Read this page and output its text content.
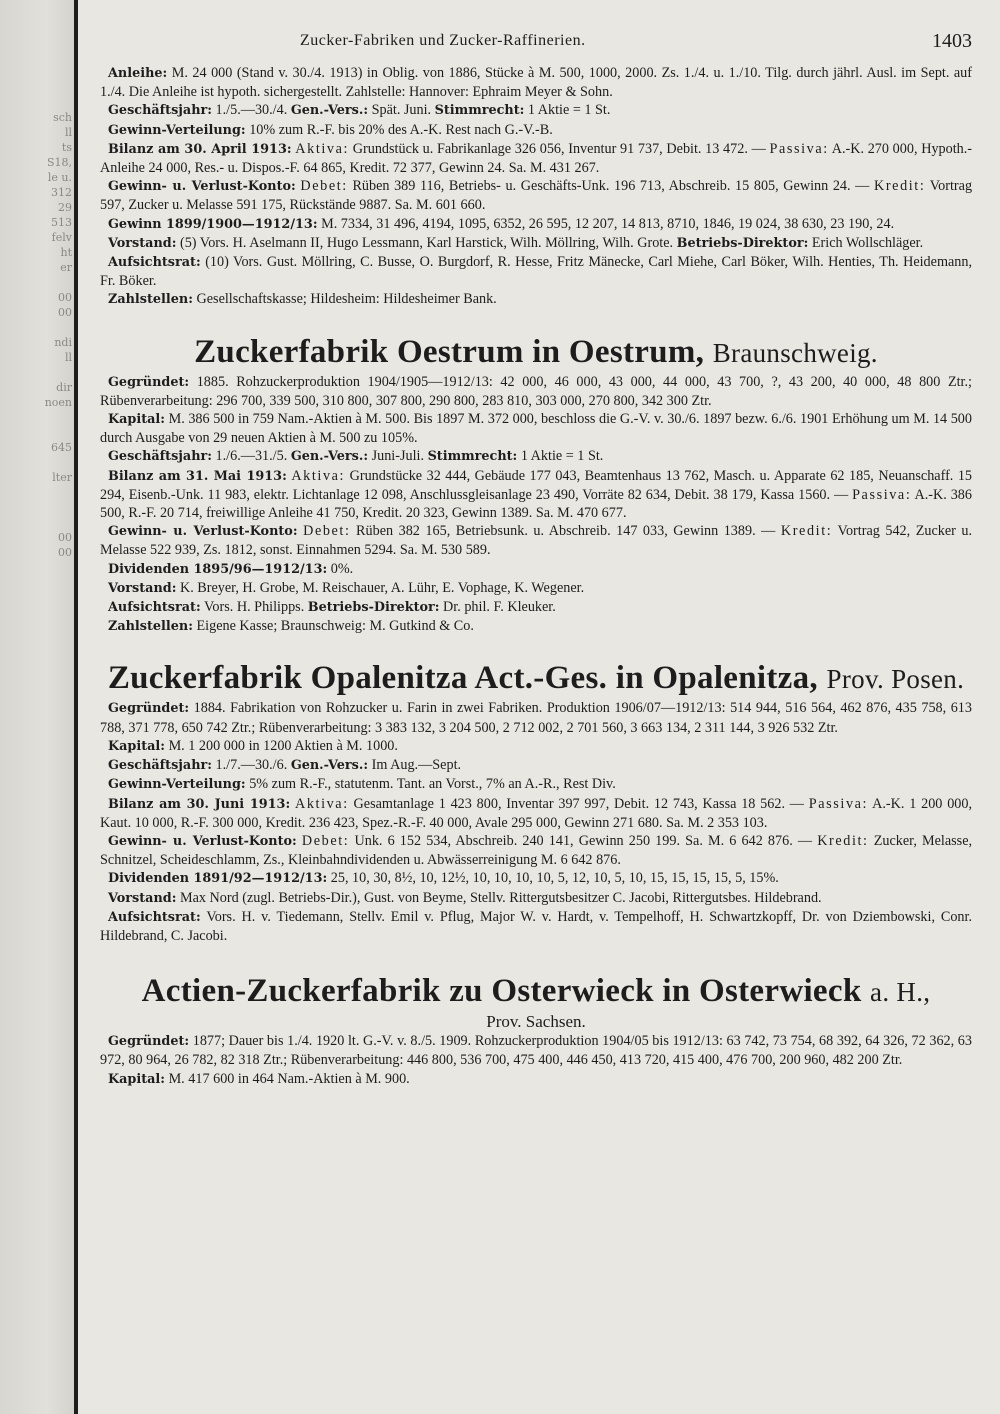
sch
ll
ts
S18,
le u.
312
29
513
felv
ht
er
00
00
ndi
ll
dir
noen
645
lter
00
00
Zucker-Fabriken und Zucker-Raffinerien.	1403

Anleihe: M. 24 000 (Stand v. 30./4. 1913) in Oblig. von 1886, Stücke à M. 500, 1000, 2000. Zs. 1./4. u. 1./10. Tilg. durch jährl. Ausl. im Sept. auf 1./4. Die Anleihe ist hypoth. sichergestellt. Zahlstelle: Hannover: Ephraim Meyer & Sohn.

Geschäftsjahr: 1./5.—30./4. Gen.-Vers.: Spät. Juni. Stimmrecht: 1 Aktie = 1 St.

Gewinn-Verteilung: 10% zum R.-F. bis 20% des A.-K. Rest nach G.-V.-B.

Bilanz am 30. April 1913: Aktiva: Grundstück u. Fabrikanlage 326 056, Inventur 91 737, Debit. 13 472. — Passiva: A.-K. 270 000, Hypoth.-Anleihe 24 000, Res.- u. Dispos.-F. 64 865, Kredit. 72 377, Gewinn 24. Sa. M. 431 267.

Gewinn- u. Verlust-Konto: Debet: Rüben 389 116, Betriebs- u. Geschäfts-Unk. 196 713, Abschreib. 15 805, Gewinn 24. — Kredit: Vortrag 597, Zucker u. Melasse 591 175, Rückstände 9887. Sa. M. 601 660.

Gewinn 1899/1900—1912/13: M. 7334, 31 496, 4194, 1095, 6352, 26 595, 12 207, 14 813, 8710, 1846, 19 024, 38 630, 23 190, 24.

Vorstand: (5) Vors. H. Aselmann II, Hugo Lessmann, Karl Harstick, Wilh. Möllring, Wilh. Grote. Betriebs-Direktor: Erich Wollschläger.

Aufsichtsrat: (10) Vors. Gust. Möllring, C. Busse, O. Burgdorf, R. Hesse, Fritz Mänecke, Carl Miehe, Carl Böker, Wilh. Henties, Th. Heidemann, Fr. Böker.

Zahlstellen: Gesellschaftskasse; Hildesheim: Hildesheimer Bank.

Zuckerfabrik Oestrum in Oestrum, Braunschweig.

Gegründet: 1885. Rohzuckerproduktion 1904/1905—1912/13: 42 000, 46 000, 43 000, 44 000, 43 700, ?, 43 200, 40 000, 48 800 Ztr.; Rübenverarbeitung: 296 700, 339 500, 310 800, 307 800, 290 800, 283 810, 303 000, 270 800, 342 300 Ztr.

Kapital: M. 386 500 in 759 Nam.-Aktien à M. 500. Bis 1897 M. 372 000, beschloss die G.-V. v. 30./6. 1897 bezw. 6./6. 1901 Erhöhung um M. 14 500 durch Ausgabe von 29 neuen Aktien à M. 500 zu 105%.

Geschäftsjahr: 1./6.—31./5. Gen.-Vers.: Juni-Juli. Stimmrecht: 1 Aktie = 1 St.

Bilanz am 31. Mai 1913: Aktiva: Grundstücke 32 444, Gebäude 177 043, Beamtenhaus 13 762, Masch. u. Apparate 62 185, Neuanschaff. 15 294, Eisenb.-Unk. 11 983, elektr. Lichtanlage 12 098, Anschlussgleisanlage 23 490, Vorräte 82 634, Debit. 38 179, Kassa 1560. — Passiva: A.-K. 386 500, R.-F. 20 714, freiwillige Anleihe 41 750, Kredit. 20 323, Gewinn 1389. Sa. M. 470 677.

Gewinn- u. Verlust-Konto: Debet: Rüben 382 165, Betriebsunk. u. Abschreib. 147 033, Gewinn 1389. — Kredit: Vortrag 542, Zucker u. Melasse 522 939, Zs. 1812, sonst. Einnahmen 5294. Sa. M. 530 589.

Dividenden 1895/96—1912/13: 0%.

Vorstand: K. Breyer, H. Grobe, M. Reischauer, A. Lühr, E. Vophage, K. Wegener.

Aufsichtsrat: Vors. H. Philipps. Betriebs-Direktor: Dr. phil. F. Kleuker.

Zahlstellen: Eigene Kasse; Braunschweig: M. Gutkind & Co.

Zuckerfabrik Opalenitza Act.-Ges. in Opalenitza, Prov. Posen.

Gegründet: 1884. Fabrikation von Rohzucker u. Farin in zwei Fabriken. Produktion 1906/07—1912/13: 514 944, 516 564, 462 876, 435 758, 613 788, 371 778, 650 742 Ztr.; Rübenverarbeitung: 3 383 132, 3 204 500, 2 712 002, 2 701 560, 3 663 134, 2 311 144, 3 926 532 Ztr.

Kapital: M. 1 200 000 in 1200 Aktien à M. 1000.

Geschäftsjahr: 1./7.—30./6. Gen.-Vers.: Im Aug.—Sept.

Gewinn-Verteilung: 5% zum R.-F., statutenm. Tant. an Vorst., 7% an A.-R., Rest Div.

Bilanz am 30. Juni 1913: Aktiva: Gesamtanlage 1 423 800, Inventar 397 997, Debit. 12 743, Kassa 18 562. — Passiva: A.-K. 1 200 000, Kaut. 10 000, R.-F. 300 000, Kredit. 236 423, Spez.-R.-F. 40 000, Avale 295 000, Gewinn 271 680. Sa. M. 2 353 103.

Gewinn- u. Verlust-Konto: Debet: Unk. 6 152 534, Abschreib. 240 141, Gewinn 250 199. Sa. M. 6 642 876. — Kredit: Zucker, Melasse, Schnitzel, Scheideschlamm, Zs., Kleinbahndividenden u. Abwässerreinigung M. 6 642 876.

Dividenden 1891/92—1912/13: 25, 10, 30, 8½, 10, 12½, 10, 10, 10, 10, 5, 12, 10, 5, 10, 15, 15, 15, 15, 5, 15%.

Vorstand: Max Nord (zugl. Betriebs-Dir.), Gust. von Beyme, Stellv. Rittergutsbesitzer C. Jacobi, Rittergutsbes. Hildebrand.

Aufsichtsrat: Vors. H. v. Tiedemann, Stellv. Emil v. Pflug, Major W. v. Hardt, v. Tempelhoff, H. Schwartzkopff, Dr. von Dziembowski, Conr. Hildebrand, C. Jacobi.

Actien-Zuckerfabrik zu Osterwieck in Osterwieck a. H.,
Prov. Sachsen.

Gegründet: 1877; Dauer bis 1./4. 1920 lt. G.-V. v. 8./5. 1909. Rohzuckerproduktion 1904/05 bis 1912/13: 63 742, 73 754, 68 392, 64 326, 72 362, 63 972, 80 964, 26 782, 82 318 Ztr.; Rübenverarbeitung: 446 800, 536 700, 475 400, 446 450, 413 720, 415 400, 476 700, 200 960, 482 200 Ztr.

Kapital: M. 417 600 in 464 Nam.-Aktien à M. 900.
